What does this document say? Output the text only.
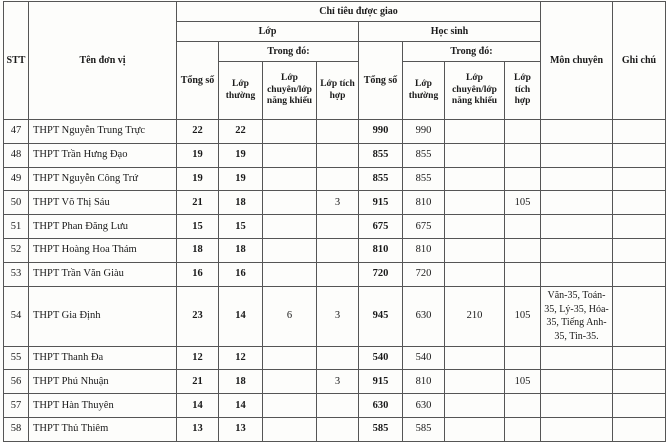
STT	Tên đơn vị	Chỉ tiêu được giao								Môn chuyên	Ghi chú
		Lớp				Học sinh					
		Tổng số	Trong đó:			Tổng số	Trong đó:				
			Lớp thường	Lớp chuyên/lớp năng khiếu	Lớp tích hợp		Lớp thường	Lớp chuyên/lớp năng khiếu	Lớp tích hợp		
47	THPT Nguyễn Trung Trực	22	22			990	990				
48	THPT Trần Hưng Đạo	19	19			855	855				
49	THPT Nguyễn Công Trứ	19	19			855	855				
50	THPT Võ Thị Sáu	21	18		3	915	810		105		
51	THPT Phan Đăng Lưu	15	15			675	675				
52	THPT Hoàng Hoa Thám	18	18			810	810				
53	THPT Trần Văn Giàu	16	16			720	720				
54	THPT Gia Định	23	14	6	3	945	630	210	105	Văn-35, Toán-35, Lý-35, Hóa-35, Tiếng Anh-35, Tin-35.	
55	THPT Thanh Đa	12	12			540	540				
56	THPT Phú Nhuận	21	18		3	915	810		105		
57	THPT Hàn Thuyên	14	14			630	630				
58	THPT Thủ Thiêm	13	13			585	585				
